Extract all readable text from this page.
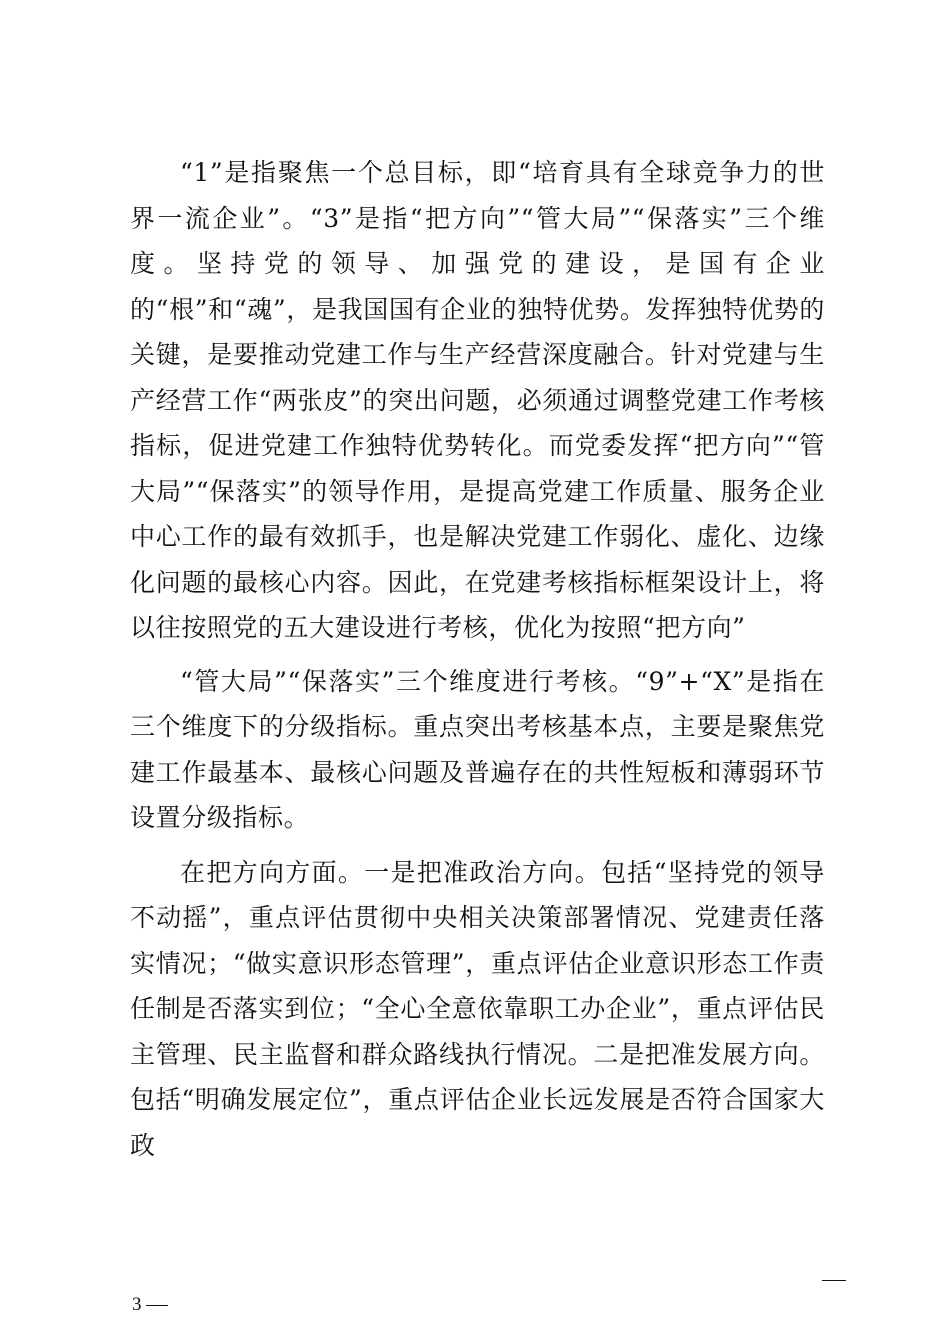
“1”是指聚焦一个总目标，即“培育具有全球竞争力的世界一流企业”。“3”是指“把方向”“管大局”“保落实”三个维度。坚持党的领导、加强党的建设，是国有企业的“根”和“魂”，是我国国有企业的独特优势。发挥独特优势的关键，是要推动党建工作与生产经营深度融合。针对党建与生产经营工作“两张皮”的突出问题，必须通过调整党建工作考核指标，促进党建工作独特优势转化。而党委发挥“把方向”“管大局”“保落实”的领导作用，是提高党建工作质量、服务企业中心工作的最有效抓手，也是解决党建工作弱化、虚化、边缘化问题的最核心内容。因此，在党建考核指标框架设计上，将以往按照党的五大建设进行考核，优化为按照“把方向”

“管大局”“保落实”三个维度进行考核。“9”+“X”是指在三个维度下的分级指标。重点突出考核基本点，主要是聚焦党建工作最基本、最核心问题及普遍存在的共性短板和薄弱环节设置分级指标。

在把方向方面。一是把准政治方向。包括“坚持党的领导不动摇”，重点评估贯彻中央相关决策部署情况、党建责任落实情况；“做实意识形态管理”，重点评估企业意识形态工作责任制是否落实到位；“全心全意依靠职工办企业”，重点评估民主管理、民主监督和群众路线执行情况。二是把准发展方向。包括“明确发展定位”，重点评估企业长远发展是否符合国家大政

3
